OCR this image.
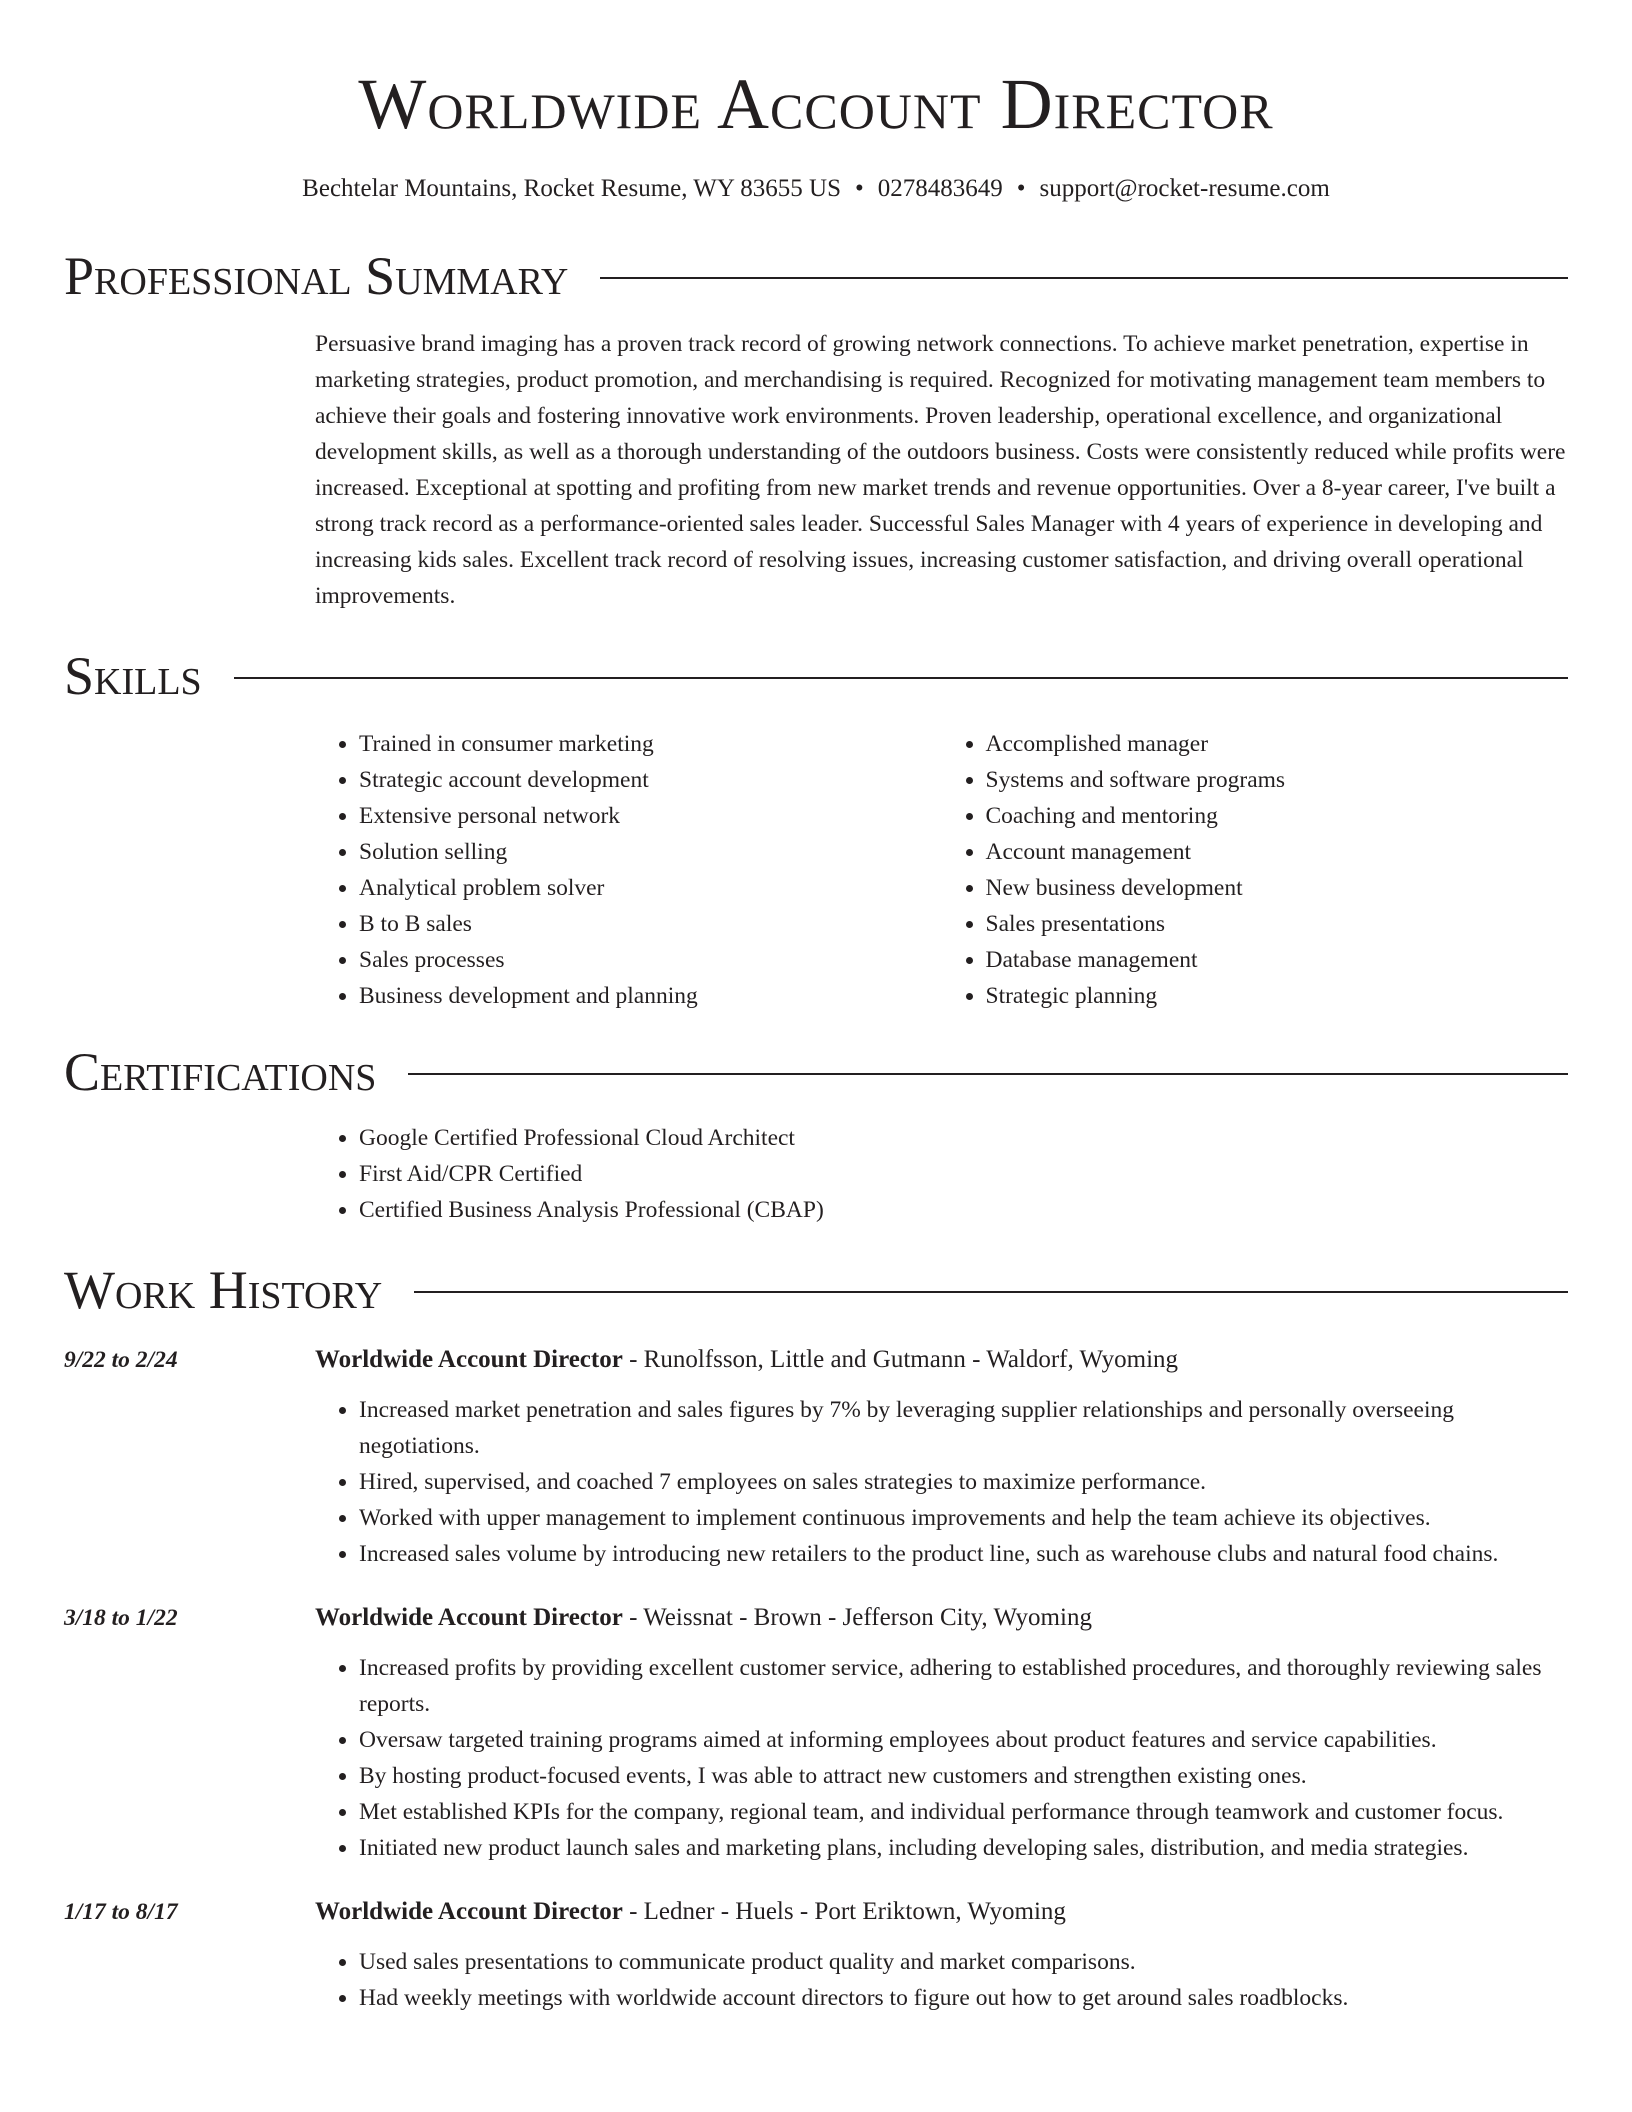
Worldwide Account Director
Bechtelar Mountains, Rocket Resume, WY 83655 US • 0278483649 • support@rocket-resume.com
Professional Summary

Persuasive brand imaging has a proven track record of growing network connections. To achieve market penetration, expertise in marketing strategies, product promotion, and merchandising is required. Recognized for motivating management team members to achieve their goals and fostering innovative work environments. Proven leadership, operational excellence, and organizational development skills, as well as a thorough understanding of the outdoors business. Costs were consistently reduced while profits were increased. Exceptional at spotting and profiting from new market trends and revenue opportunities. Over a 8-year career, I've built a strong track record as a performance-oriented sales leader. Successful Sales Manager with 4 years of experience in developing and increasing kids sales. Excellent track record of resolving issues, increasing customer satisfaction, and driving overall operational improvements.

Skills
• Trained in consumer marketing
• Strategic account development
• Extensive personal network
• Solution selling
• Analytical problem solver
• B to B sales
• Sales processes
• Business development and planning
• Accomplished manager
• Systems and software programs
• Coaching and mentoring
• Account management
• New business development
• Sales presentations
• Database management
• Strategic planning
Certifications
• Google Certified Professional Cloud Architect
• First Aid/CPR Certified
• Certified Business Analysis Professional (CBAP)
Work History
9/22 to 2/24	Worldwide Account Director - Runolfsson, Little and Gutmann - Waldorf, Wyoming
• Increased market penetration and sales figures by 7% by leveraging supplier relationships and personally overseeing negotiations.
• Hired, supervised, and coached 7 employees on sales strategies to maximize performance.
• Worked with upper management to implement continuous improvements and help the team achieve its objectives.
• Increased sales volume by introducing new retailers to the product line, such as warehouse clubs and natural food chains.
3/18 to 1/22	Worldwide Account Director - Weissnat - Brown - Jefferson City, Wyoming
• Increased profits by providing excellent customer service, adhering to established procedures, and thoroughly reviewing sales reports.
• Oversaw targeted training programs aimed at informing employees about product features and service capabilities.
• By hosting product-focused events, I was able to attract new customers and strengthen existing ones.
• Met established KPIs for the company, regional team, and individual performance through teamwork and customer focus.
• Initiated new product launch sales and marketing plans, including developing sales, distribution, and media strategies.
1/17 to 8/17	Worldwide Account Director - Ledner - Huels - Port Eriktown, Wyoming
• Used sales presentations to communicate product quality and market comparisons.
• Had weekly meetings with worldwide account directors to figure out how to get around sales roadblocks.
